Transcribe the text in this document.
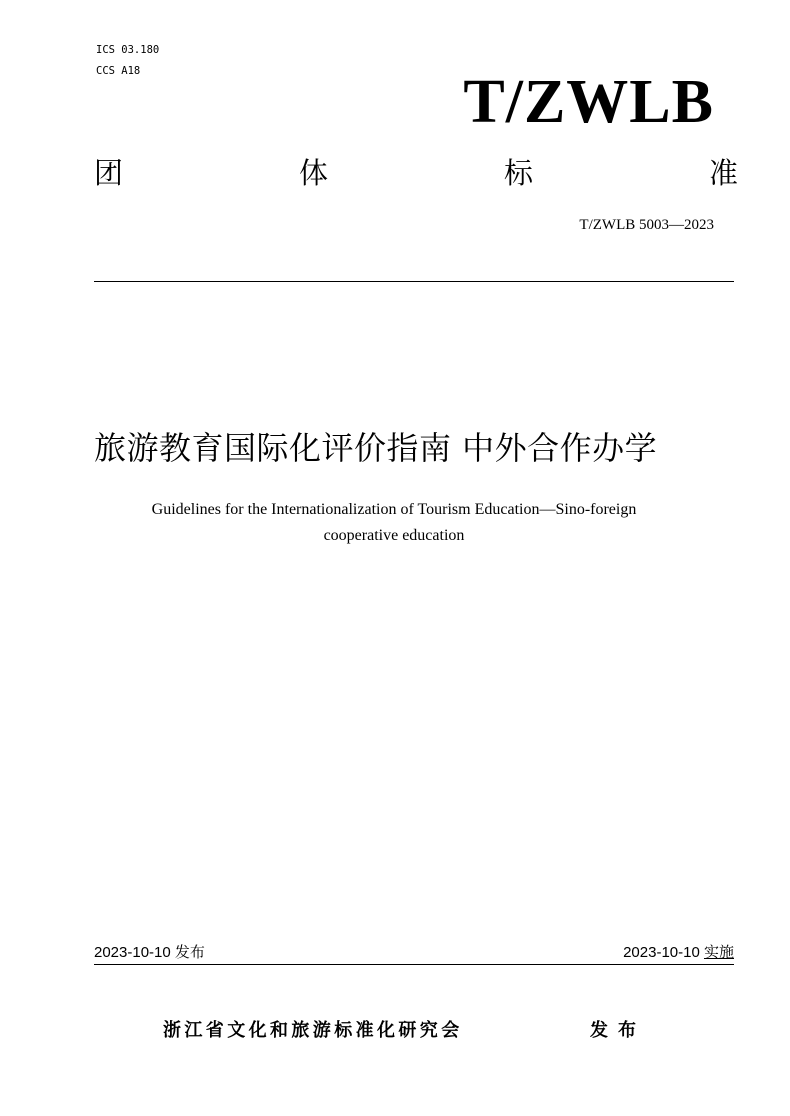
ICS 03.180
CCS A18	T/ZWLB
团	体	标	准
T/ZWLB 5003—2023
旅游教育国际化评价指南 中外合作办学
Guidelines for the Internationalization of Tourism Education—Sino-foreign
cooperative education
2023-10-10 发布	2023-10-10 实施
浙江省文化和旅游标准化研究会	发布
